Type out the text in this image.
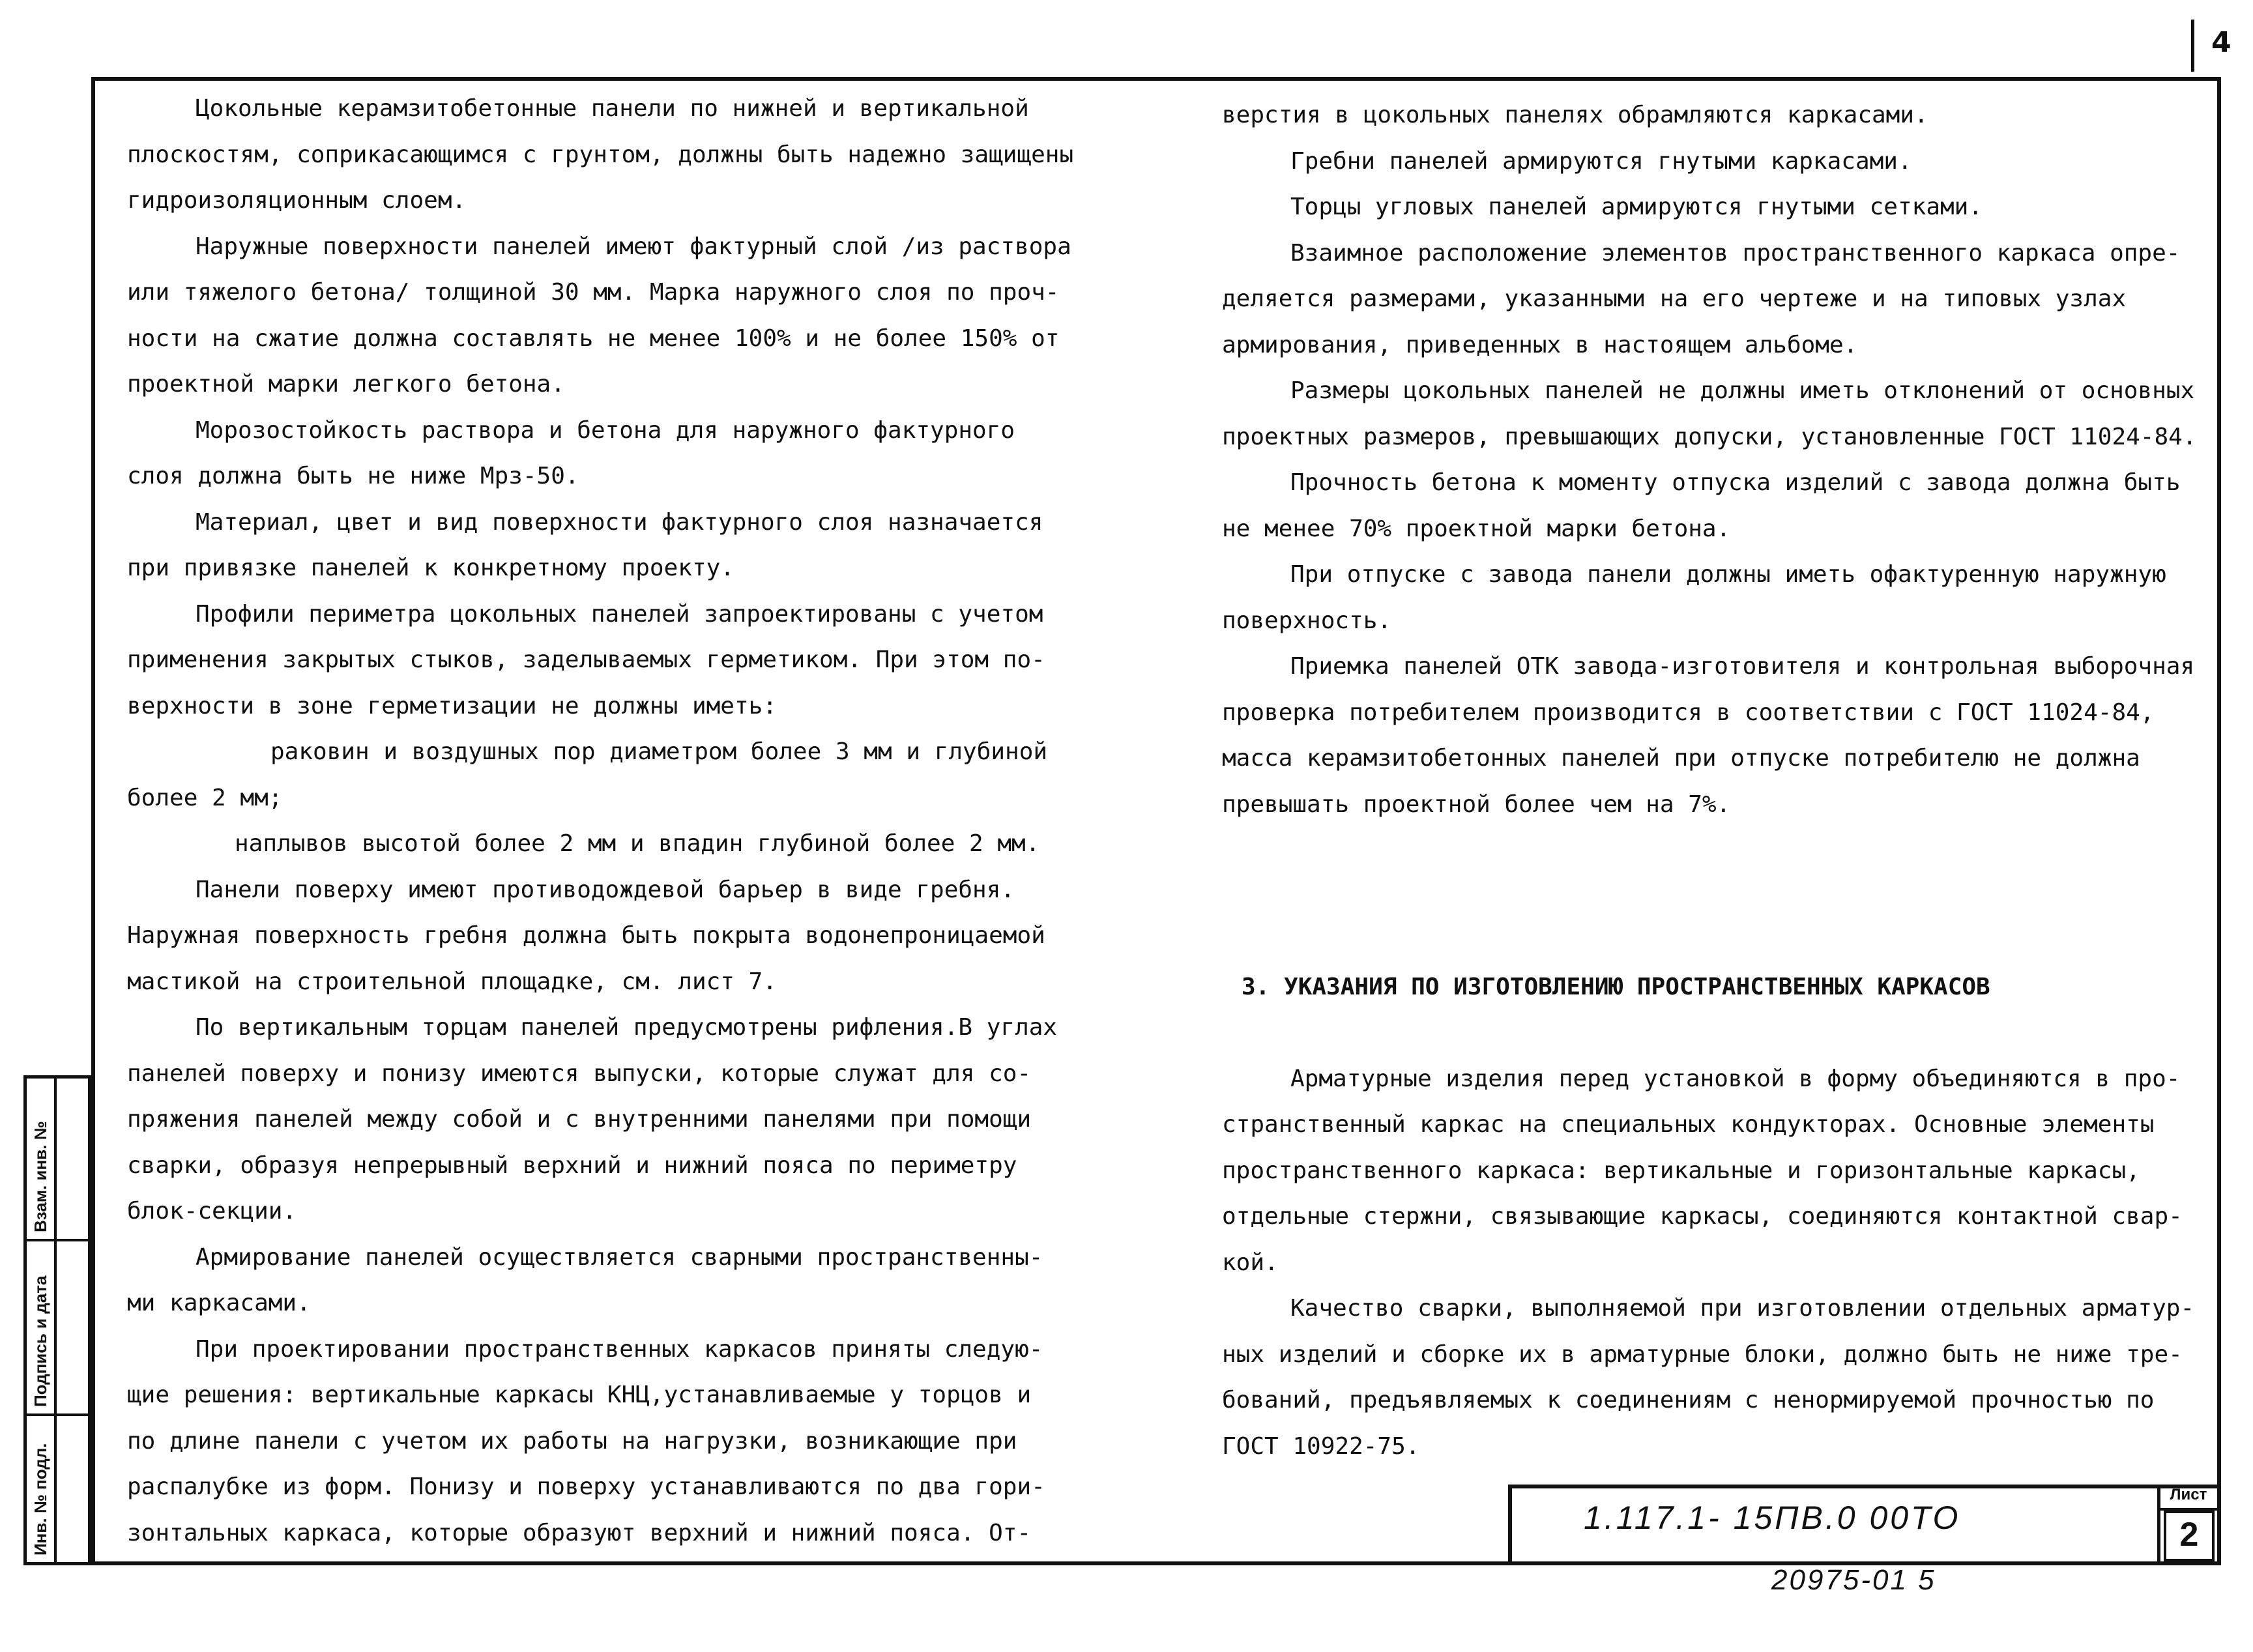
4

Цокольные керамзитобетонные панели по нижней и вертикальной

плоскостям, соприкасающимся с грунтом, должны быть надежно защищены

гидроизоляционным слоем.

Наружные поверхности панелей имеют фактурный слой /из раствора

или тяжелого бетона/ толщиной 30 мм. Марка наружного слоя по проч-

ности на сжатие должна составлять не менее 100% и не более 150% от

проектной марки легкого бетона.

Морозостойкость раствора и бетона для наружного фактурного

слоя должна быть не ниже Мрз-50.

Материал, цвет и вид поверхности фактурного слоя назначается

при привязке панелей к конкретному проекту.

Профили периметра цокольных панелей запроектированы с учетом

применения закрытых стыков, заделываемых герметиком. При этом по-

верхности в зоне герметизации не должны иметь:

раковин и воздушных пор диаметром более 3 мм и глубиной

более 2 мм;

наплывов высотой более 2 мм и впадин глубиной более 2 мм.

Панели поверху имеют противодождевой барьер в виде гребня.

Наружная поверхность гребня должна быть покрыта водонепроницаемой

мастикой на строительной площадке, см. лист 7.

По вертикальным торцам панелей предусмотрены рифления.В углах

панелей поверху и понизу имеются выпуски, которые служат для со-

пряжения панелей между собой и с внутренними панелями при помощи

сварки, образуя непрерывный верхний и нижний пояса по периметру

блок-секции.

Армирование панелей осуществляется сварными пространственны-

ми каркасами.

При проектировании пространственных каркасов приняты следую-

щие решения: вертикальные каркасы КНЦ,устанавливаемые у торцов и

по длине панели с учетом их работы на нагрузки, возникающие при

распалубке из форм. Понизу и поверху устанавливаются по два гори-

зонтальных каркаса, которые образуют верхний и нижний пояса. От-

верстия в цокольных панелях обрамляются каркасами.

Гребни панелей армируются гнутыми каркасами.

Торцы угловых панелей армируются гнутыми сетками.

Взаимное расположение элементов пространственного каркаса опре-

деляется размерами, указанными на его чертеже и на типовых узлах

армирования, приведенных в настоящем альбоме.

Размеры цокольных панелей не должны иметь отклонений от основных

проектных размеров, превышающих допуски, установленные ГОСТ 11024-84.

Прочность бетона к моменту отпуска изделий с завода должна быть

не менее 70% проектной марки бетона.

При отпуске с завода панели должны иметь офактуренную наружную

поверхность.

Приемка панелей ОТК завода-изготовителя и контрольная выборочная

проверка потребителем производится в соответствии с ГОСТ 11024-84,

масса керамзитобетонных панелей при отпуске потребителю не должна

превышать проектной более чем на 7%.

3. УКАЗАНИЯ ПО ИЗГОТОВЛЕНИЮ ПРОСТРАНСТВЕННЫХ КАРКАСОВ

Арматурные изделия перед установкой в форму объединяются в про-

странственный каркас на специальных кондукторах. Основные элементы

пространственного каркаса: вертикальные и горизонтальные каркасы,

отдельные стержни, связывающие каркасы, соединяются контактной свар-

кой.

Качество сварки, выполняемой при изготовлении отдельных арматур-

ных изделий и сборке их в арматурные блоки, должно быть не ниже тре-

бований, предъявляемых к соединениям с ненормируемой прочностью по

ГОСТ 10922-75.

Взам. инв. №
Подпись и дата
Инв. № подл.	1.117.1- 15ПВ.0 00ТО
Лист
2
20975-01 5
